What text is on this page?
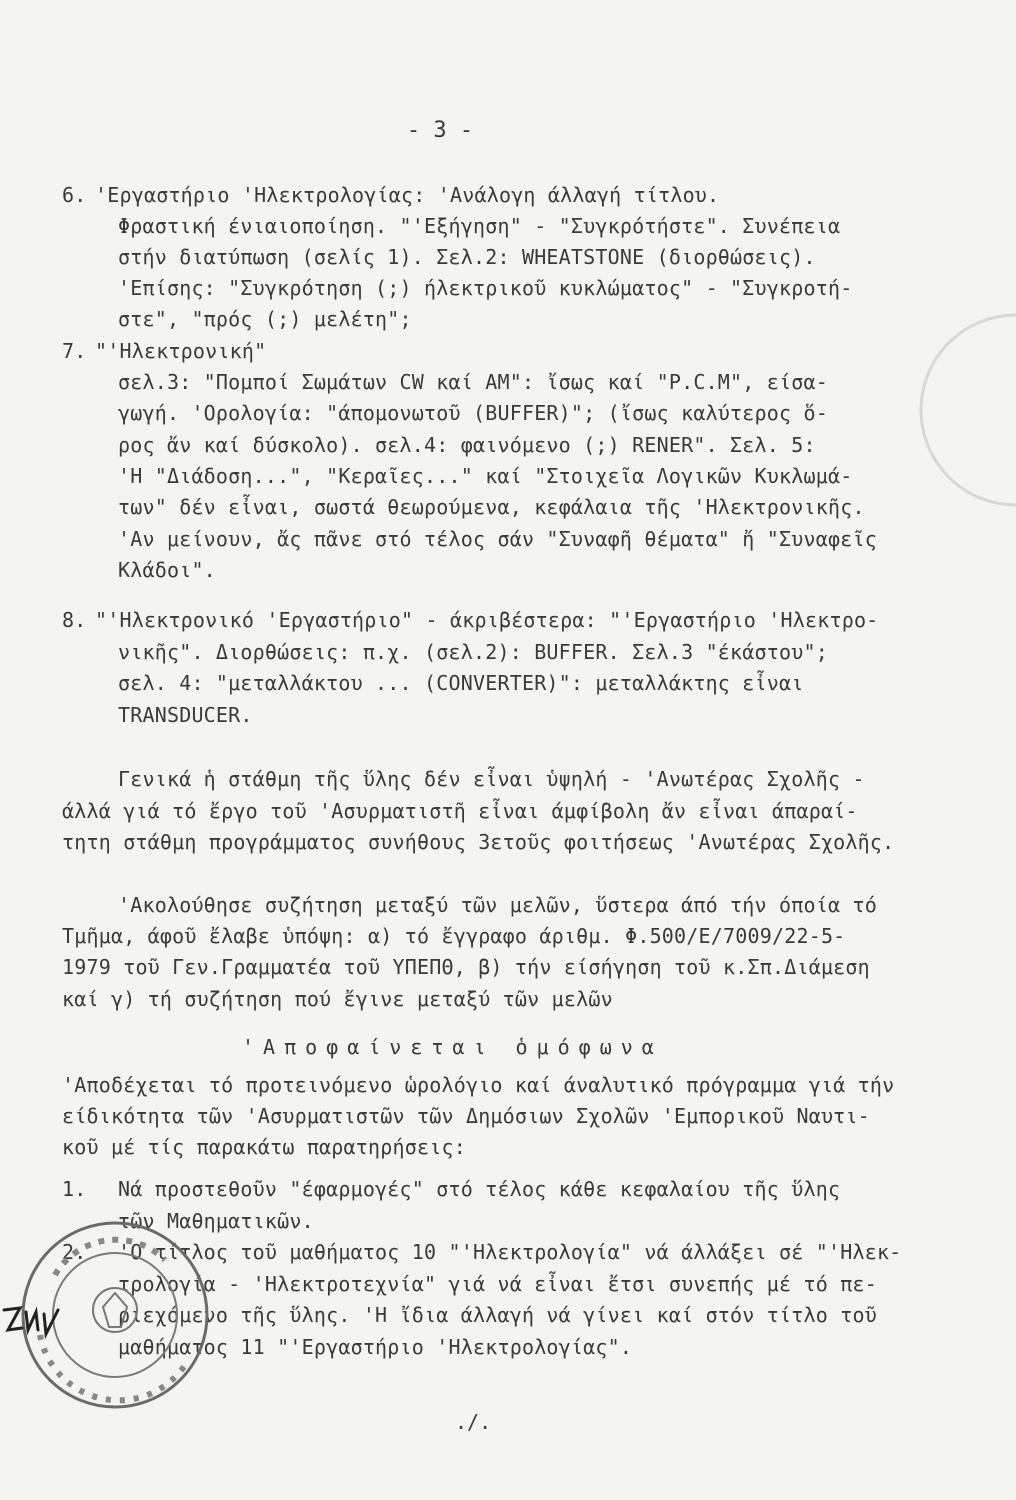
- 3 -
6. 'Εργαστήριο 'Ηλεκτρολογίας: 'Ανάλογη άλλαγή τίτλου.
Φραστική ένιαιοποίηση. "'Εξήγηση" - "Συγκρότήστε". Συνέπεια
στήν διατύπωση (σελίς 1). Σελ.2: WHEATSTONE (διορθώσεις).
'Επίσης: "Συγκρότηση (;) ήλεκτρικοῦ κυκλώματος" - "Συγκροτή-
στε", "πρός (;) μελέτη";
7. "'Ηλεκτρονική"
σελ.3: "Πομποί Σωμάτων CW καί AM": ἴσως καί "P.C.M", είσα-
γωγή. 'Ορολογία: "άπομονωτοῦ (BUFFER)"; (ἴσως καλύτερος ὅ-
ρος ἄν καί δύσκολο). σελ.4: φαινόμενο (;) RENER". Σελ. 5:
'Η "Διάδοση...", "Κεραῖες..." καί "Στοιχεῖα Λογικῶν Κυκλωμά-
των" δέν εἶναι, σωστά θεωρούμενα, κεφάλαια τῆς 'Ηλεκτρονικῆς.
'Αν μείνουν, ἄς πᾶνε στό τέλος σάν "Συναφῆ θέματα" ἤ "Συναφεῖς
Κλάδοι".
8. "'Ηλεκτρονικό 'Εργαστήριο" - άκριβέστερα: "'Εργαστήριο 'Ηλεκτρο-
νικῆς". Διορθώσεις: π.χ. (σελ.2): BUFFER. Σελ.3 "έκάστου";
σελ. 4: "μεταλλάκτου ... (CONVERTER)": μεταλλάκτης εἶναι
TRANSDUCER.
Γενικά ἡ στάθμη τῆς ὕλης δέν εἶναι ὑψηλή - 'Ανωτέρας Σχολῆς -
άλλά γιά τό ἔργο τοῦ 'Ασυρματιστῆ εἶναι άμφίβολη ἄν εἶναι άπαραί-
τητη στάθμη προγράμματος συνήθους 3ετοῦς φοιτήσεως 'Ανωτέρας Σχολῆς.
'Ακολούθησε συζήτηση μεταξύ τῶν μελῶν, ὕστερα άπό τήν όποία τό
Τμῆμα, άφοῦ ἔλαβε ὑπόψη: α) τό ἔγγραφο άριθμ. Φ.500/Ε/7009/22-5-
1979 τοῦ Γεν.Γραμματέα τοῦ ΥΠΕΠΘ, β) τήν είσήγηση τοῦ κ.Σπ.Διάμεση
καί γ) τή συζήτηση πού ἔγινε μεταξύ τῶν μελῶν
'Αποφαίνεται ὁμόφωνα
'Αποδέχεται τό προτεινόμενο ὡρολόγιο καί άναλυτικό πρόγραμμα γιά τήν
είδικότητα τῶν 'Ασυρματιστῶν τῶν Δημόσιων Σχολῶν 'Εμπορικοῦ Ναυτι-
κοῦ μέ τίς παρακάτω παρατηρήσεις:
1. Νά προστεθοῦν "έφαρμογές" στό τέλος κάθε κεφαλαίου τῆς ὕλης
τῶν Μαθηματικῶν.
2. 'Ο τίτλος τοῦ μαθήματος 10 "'Ηλεκτρολογία" νά άλλάξει σέ "'Ηλεκ-
τρολογία - 'Ηλεκτροτεχνία" γιά νά εἶναι ἔτσι συνεπής μέ τό πε-
ριεχόμενο τῆς ὕλης. 'Η ἴδια άλλαγή νά γίνει καί στόν τίτλο τοῦ
μαθήματος 11 "'Εργαστήριο 'Ηλεκτρολογίας".
./.
